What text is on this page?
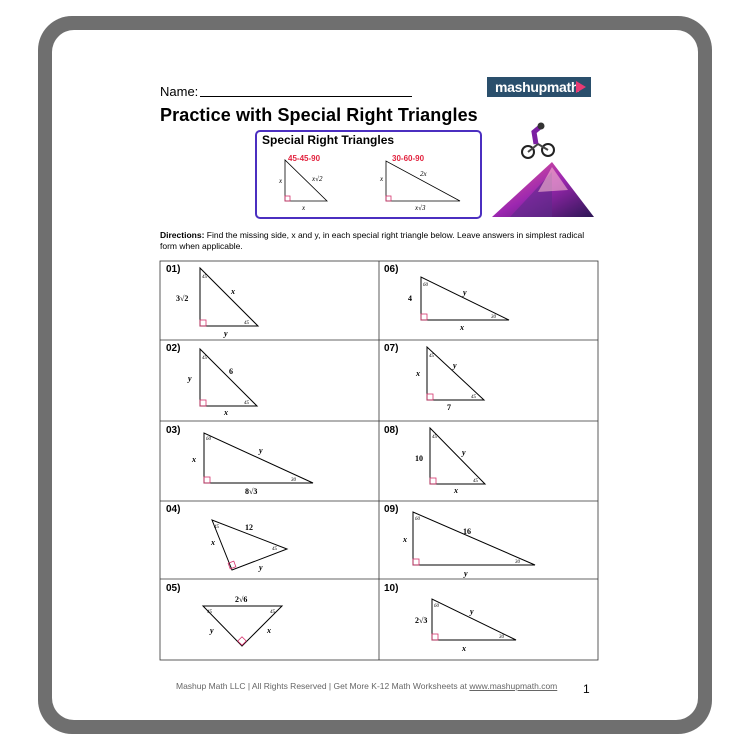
Name:	mashupmath
Practice with Special Right Triangles
Special Right Triangles
45-45-90	30-60-90
Directions: Find the missing side, x and y, in each special right triangle below. Leave answers in simplest radical form when applicable.
x
x
x√2	x
x√3
2x
45
45
45
45
60
30
45
45
45	45
60
30
45
45
45
45
60
30
60
30
3√2
x
y
6
y
x
8√3
x
y
12
x
y
2√6
y	x
4
y
x
7
x
y
10
y
x
16
x
y
2√3
y
x
01)
02)
03)
04)
05)
06)
07)
08)
09)
10)
Mashup Math LLC | All Rights Reserved | Get More K-12 Math Worksheets at www.mashupmath.com 1
